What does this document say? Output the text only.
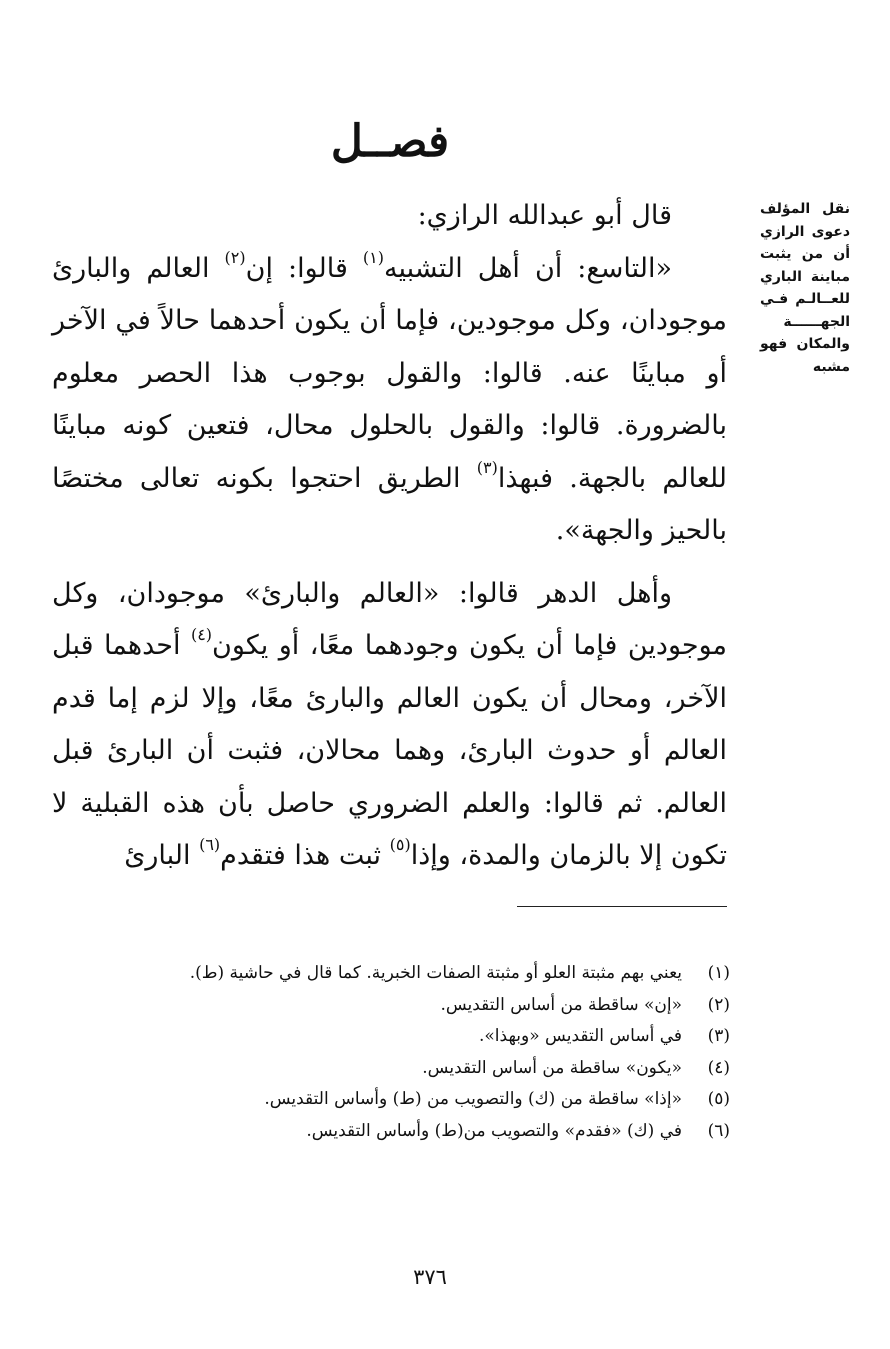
فصــل
نقل المؤلف دعوى الرازي أن من يثبت مباينة الباري للعــالـم فـي الجهــــــة والمكان فهو مشبه

قال أبو عبدالله الرازي:

«التاسع: أن أهل التشبيه$^{(١)}$ قالوا: إن$^{(٢)}$ العالم والبارئ موجودان، وكل موجودين، فإما أن يكون أحدهما حالاً في الآخر أو مباينًا عنه. قالوا: والقول بوجوب هذا الحصر معلوم بالضرورة. قالوا: والقول بالحلول محال، فتعين كونه مباينًا للعالم بالجهة. فبهذا$^{(٣)}$ الطريق احتجوا بكونه تعالى مختصًا بالحيز والجهة».

وأهل الدهر قالوا: «العالم والبارئ» موجودان، وكل موجودين فإما أن يكون وجودهما معًا، أو يكون$^{(٤)}$ أحدهما قبل الآخر، ومحال أن يكون العالم والبارئ معًا، وإلا لزم إما قدم العالم أو حدوث البارئ، وهما محالان، فثبت أن البارئ قبل العالم. ثم قالوا: والعلم الضروري حاصل بأن هذه القبلية لا تكون إلا بالزمان والمدة، وإذا$^{(٥)}$ ثبت هذا فتقدم$^{(٦)}$ البارئ

(١)
يعني بهم مثبتة العلو أو مثبتة الصفات الخبرية. كما قال في حاشية (ط).
(٢)
«إن» ساقطة من أساس التقديس.
(٣)
في أساس التقديس «وبهذا».
(٤)
«يكون» ساقطة من أساس التقديس.
(٥)
«إذا» ساقطة من (ك) والتصويب من (ط) وأساس التقديس.
(٦)
في (ك) «فقدم» والتصويب من(ط) وأساس التقديس.
٣٧٦
